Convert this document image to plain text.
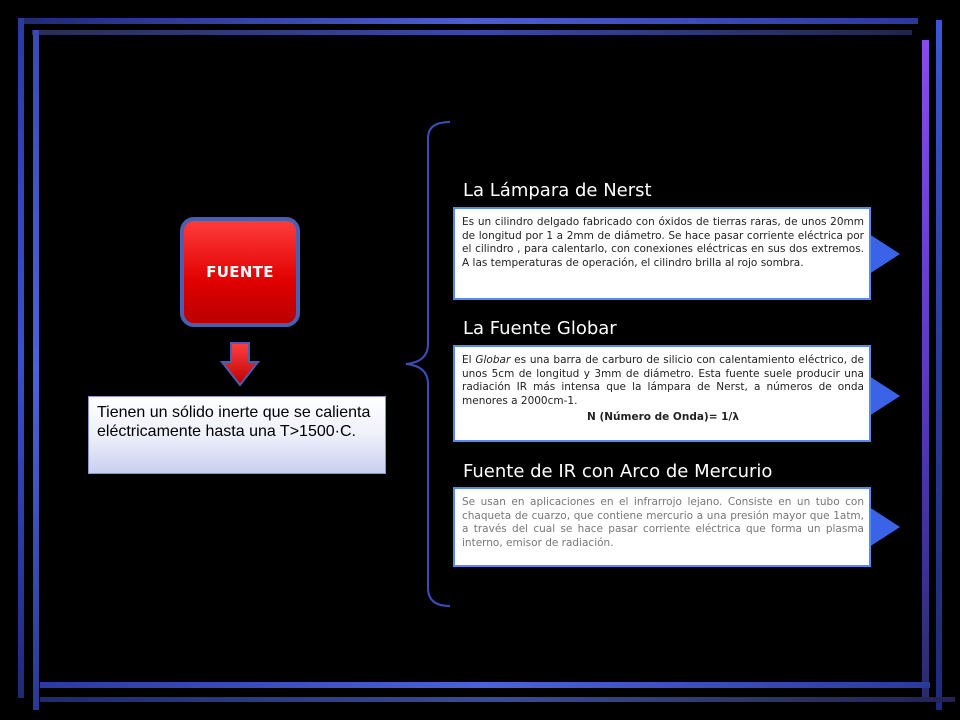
FUENTE
Tienen un sólido inerte que se calienta eléctricamente hasta una T>1500·C.
La Lámpara de Nerst
La Fuente Globar
Fuente de IR con Arco de Mercurio
Es un cilindro delgado fabricado con óxidos de tierras raras, de unos 20mm de longitud por 1 a 2mm de diámetro. Se hace pasar corriente eléctrica por el cilindro , para calentarlo, con conexiones eléctricas en sus dos extremos. A las temperaturas de operación, el cilindro brilla al rojo sombra.
El Globar es una barra de carburo de silicio con calentamiento eléctrico, de unos 5cm de longitud y 3mm de diámetro. Esta fuente suele producir una radiación IR más intensa que la lámpara de Nerst, a números de onda menores a 2000cm-1.
N (Número de Onda)= 1/λ
Se usan en aplicaciones en el infrarrojo lejano. Consiste en un tubo con chaqueta de cuarzo, que contiene mercurio a una presión mayor que 1atm, a través del cual se hace pasar corriente eléctrica que forma un plasma interno, emisor de radiación.
